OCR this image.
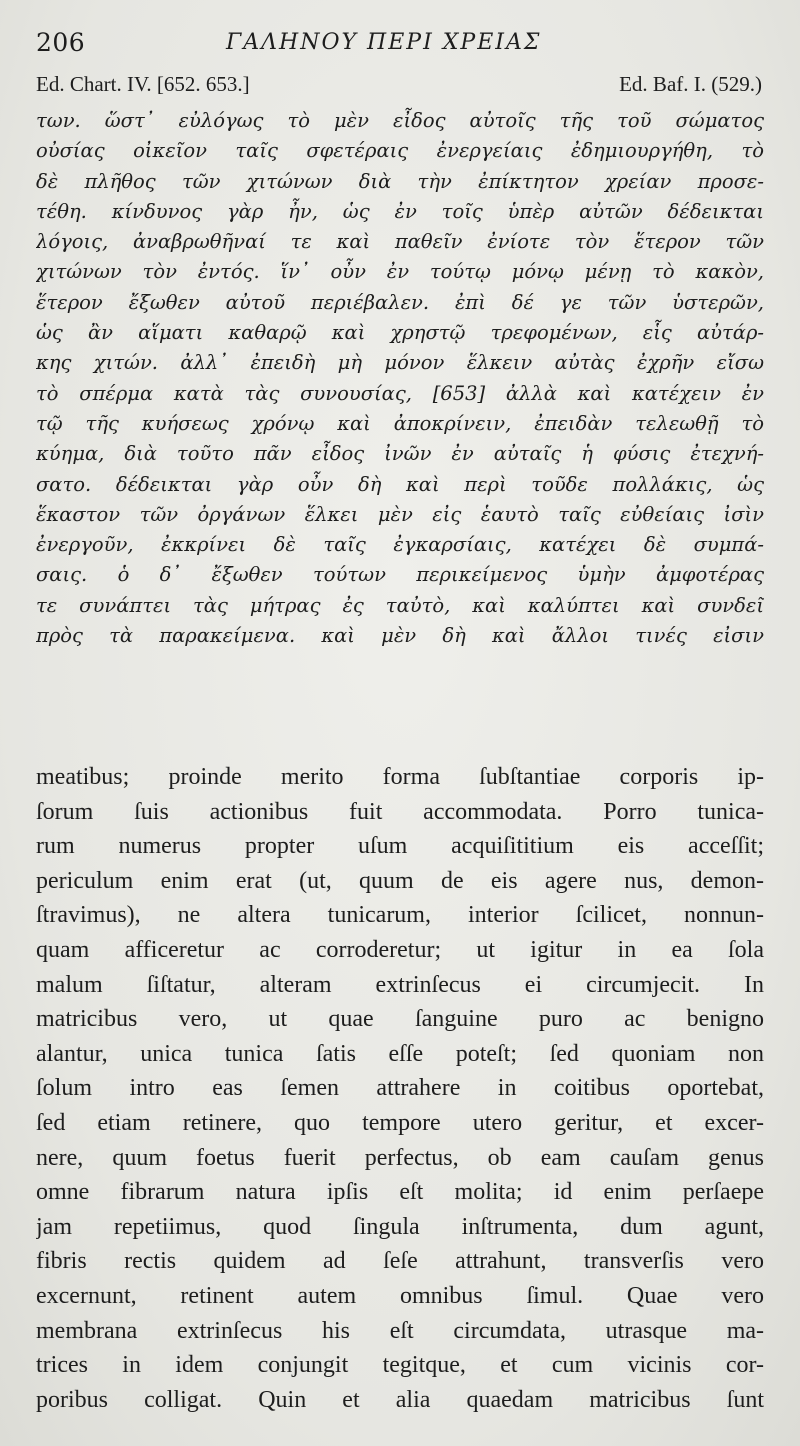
206	ΓΑΛΗΝΟΥ ΠΕΡΙ ΧΡΕΙΑΣ
Ed. Chart. IV. [652. 653.]	Ed. Baf. I. (529.)
των. ὥστ᾽ εὐλόγως τὸ μὲν εἶδος αὐτοῖς τῆς τοῦ σώματος
οὐσίας οἰκεῖον ταῖς σφετέραις ἐνεργείαις ἐδημιουργήθη, τὸ
δὲ πλῆθος τῶν χιτώνων διὰ τὴν ἐπίκτητον χρείαν προσε-
τέθη. κίνδυνος γὰρ ἦν, ὡς ἐν τοῖς ὑπὲρ αὐτῶν δέδεικται
λόγοις, ἀναβρωθῆναί τε καὶ παθεῖν ἐνίοτε τὸν ἕτερον τῶν
χιτώνων τὸν ἐντός. ἵν᾽ οὖν ἐν τούτῳ μόνῳ μένῃ τὸ κακὸν,
ἕτερον ἔξωθεν αὐτοῦ περιέβαλεν. ἐπὶ δέ γε τῶν ὑστερῶν,
ὡς ἂν αἵματι καθαρῷ καὶ χρηστῷ τρεφομένων, εἷς αὐτάρ-
κης χιτών. ἀλλ᾽ ἐπειδὴ μὴ μόνον ἕλκειν αὐτὰς ἐχρῆν εἴσω
τὸ σπέρμα κατὰ τὰς συνουσίας, [653] ἀλλὰ καὶ κατέχειν ἐν
τῷ τῆς κυήσεως χρόνῳ καὶ ἀποκρίνειν, ἐπειδὰν τελεωθῇ τὸ
κύημα, διὰ τοῦτο πᾶν εἶδος ἰνῶν ἐν αὐταῖς ἡ φύσις ἐτεχνή-
σατο. δέδεικται γὰρ οὖν δὴ καὶ περὶ τοῦδε πολλάκις, ὡς
ἕκαστον τῶν ὀργάνων ἕλκει μὲν εἰς ἑαυτὸ ταῖς εὐθείαις ἰσὶν
ἐνεργοῦν, ἐκκρίνει δὲ ταῖς ἐγκαρσίαις, κατέχει δὲ συμπά-
σαις. ὁ δ᾽ ἔξωθεν τούτων περικείμενος ὑμὴν ἀμφοτέρας
τε συνάπτει τὰς μήτρας ἐς ταὐτὸ, καὶ καλύπτει καὶ συνδεῖ
πρὸς τὰ παρακείμενα. καὶ μὲν δὴ καὶ ἄλλοι τινές εἰσιν
meatibus; proinde merito forma ſubſtantiae corporis ip-
ſorum ſuis actionibus fuit accommodata. Porro tunica-
rum numerus propter uſum acquiſititium eis acceſſit;
periculum enim erat (ut, quum de eis agere nus, demon-
ſtravimus), ne altera tunicarum, interior ſcilicet, nonnun-
quam afficeretur ac corroderetur; ut igitur in ea ſola
malum ſiſtatur, alteram extrinſecus ei circumjecit. In
matricibus vero, ut quae ſanguine puro ac benigno
alantur, unica tunica ſatis eſſe poteſt; ſed quoniam non
ſolum intro eas ſemen attrahere in coitibus oportebat,
ſed etiam retinere, quo tempore utero geritur, et excer-
nere, quum foetus fuerit perfectus, ob eam cauſam genus
omne fibrarum natura ipſis eſt molita; id enim perſaepe
jam repetiimus, quod ſingula inſtrumenta, dum agunt,
fibris rectis quidem ad ſeſe attrahunt, transverſis vero
excernunt, retinent autem omnibus ſimul. Quae vero
membrana extrinſecus his eſt circumdata, utrasque ma-
trices in idem conjungit tegitque, et cum vicinis cor-
poribus colligat. Quin et alia quaedam matricibus ſunt
